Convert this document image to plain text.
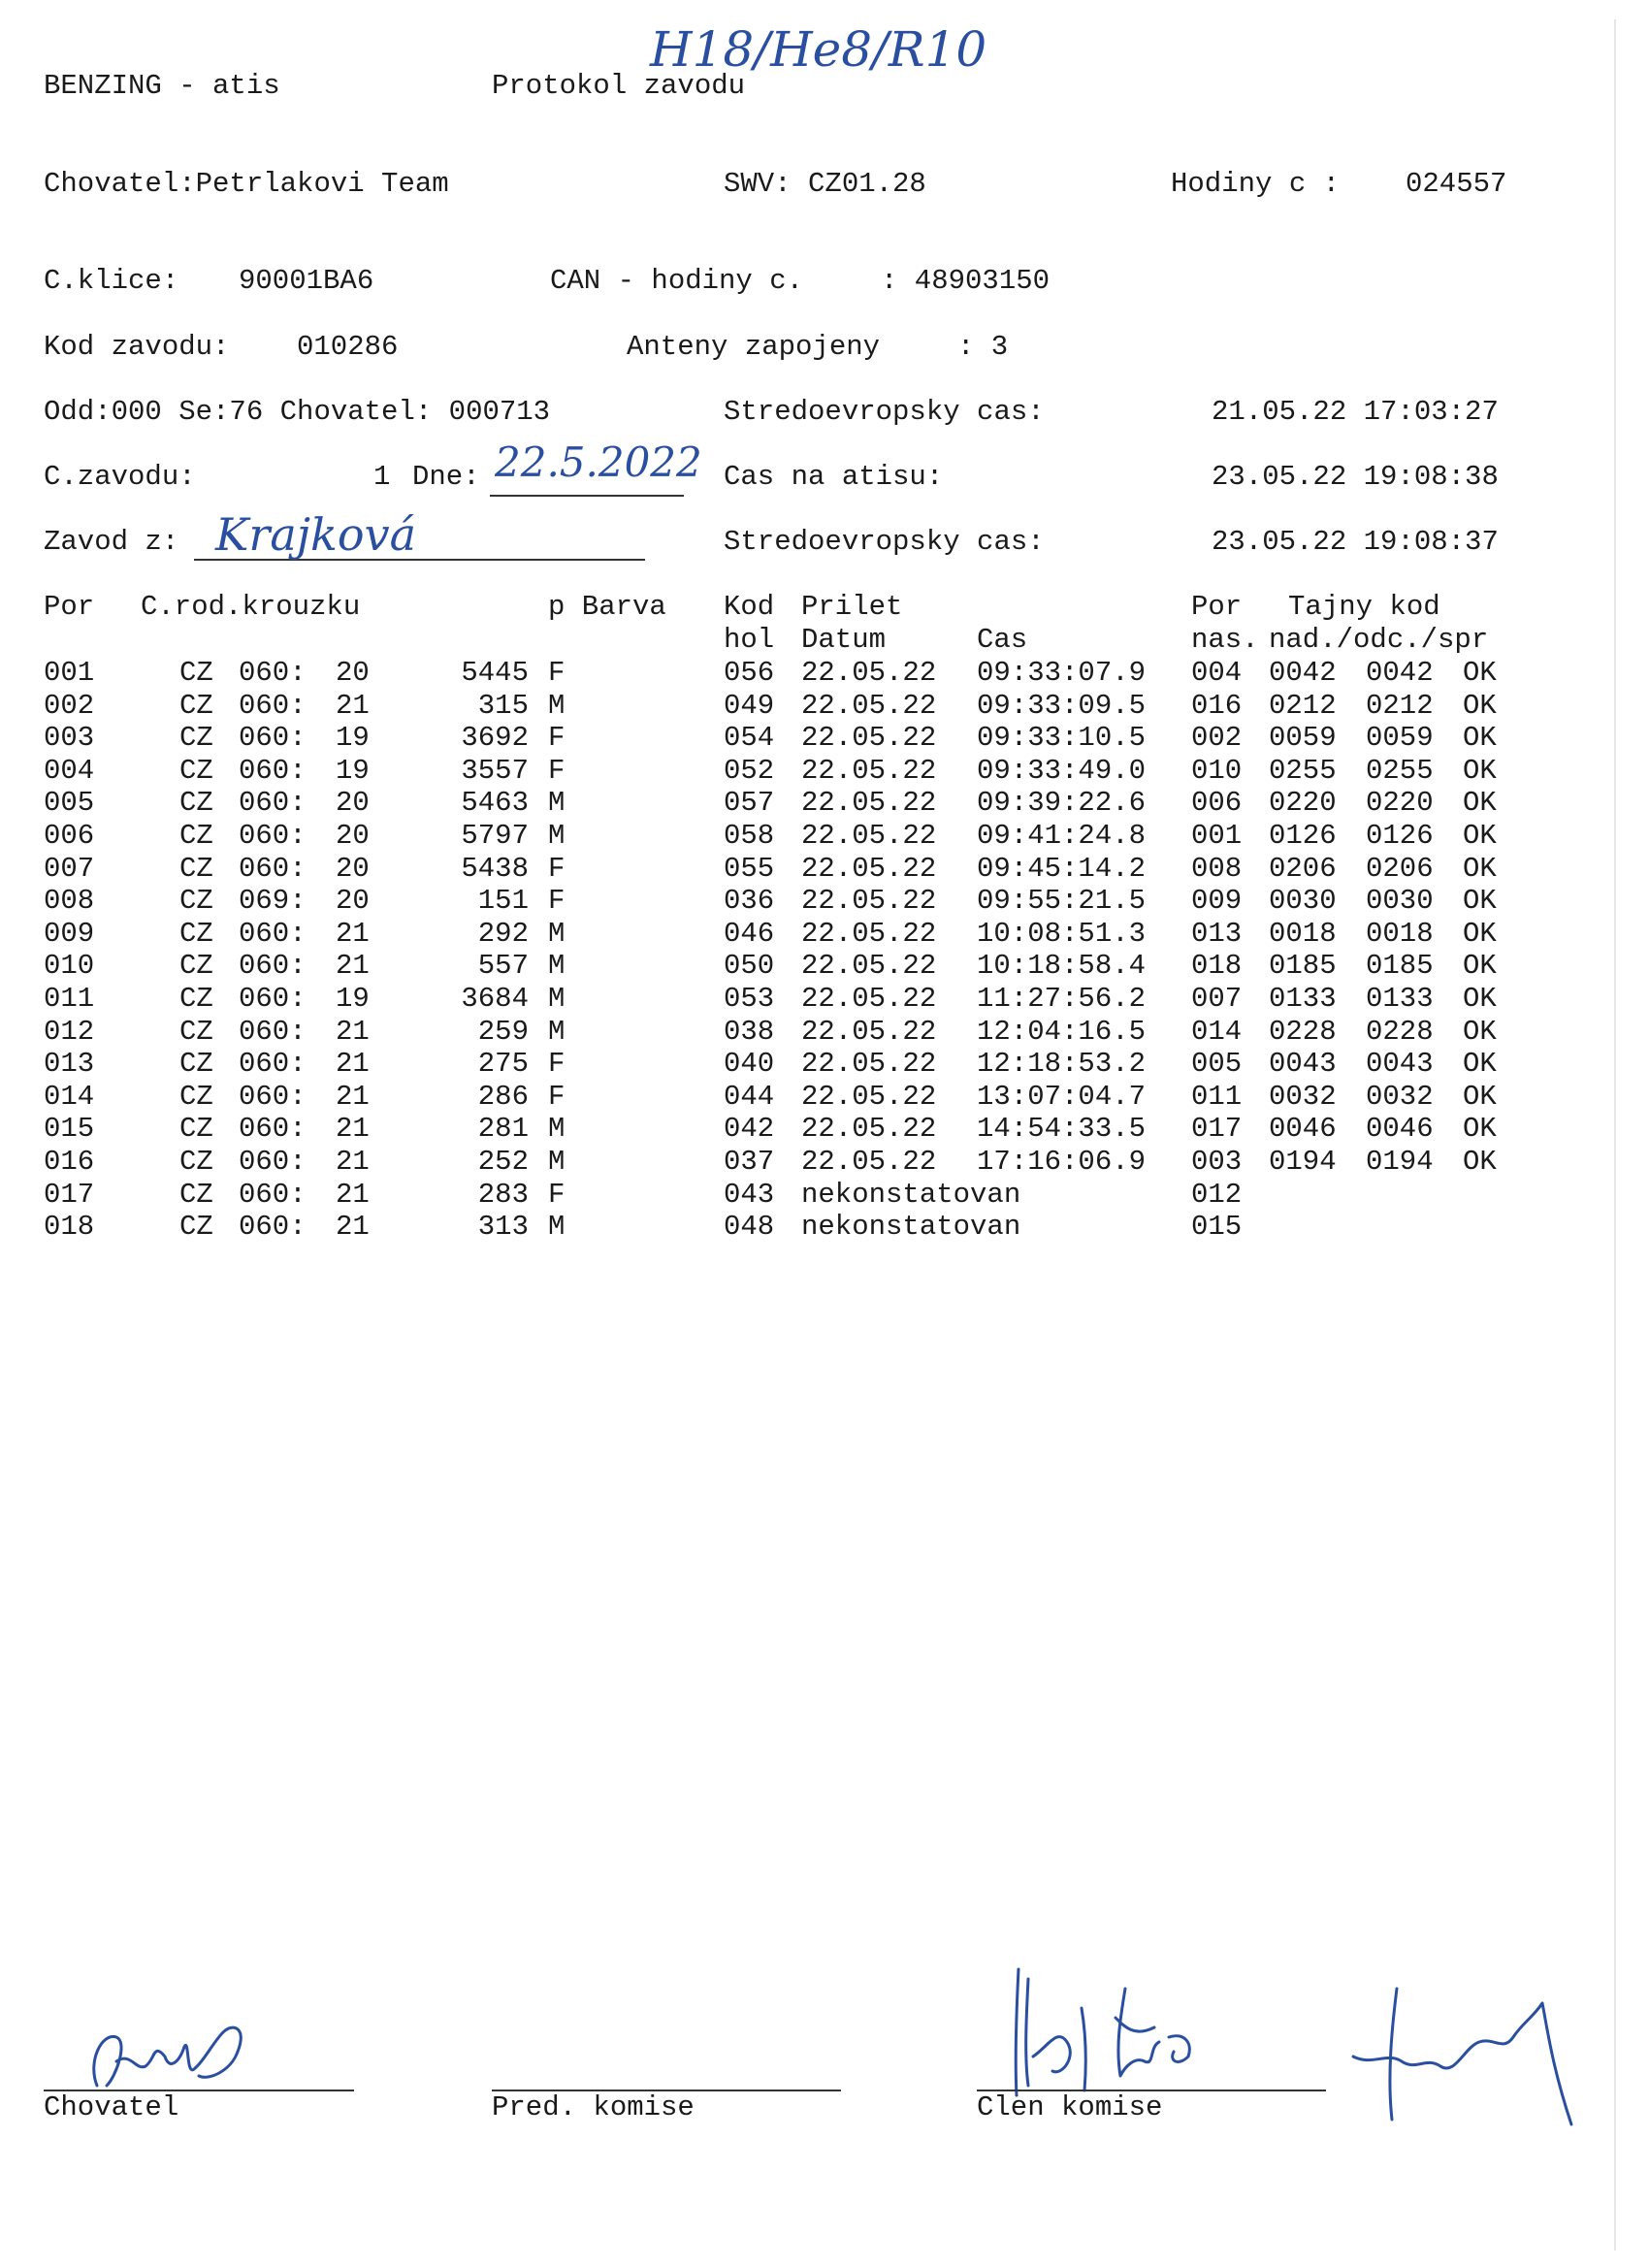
H18/He8/R10
BENZING - atis	Protokol zavodu
Chovatel:Petrlakovi Team	SWV: CZ01.28	Hodiny c : 024557
C.klice: 90001BA6	CAN - hodiny c.	: 48903150
Kod zavodu: 010286	Anteny zapojeny	: 3
Odd:000 Se:76 Chovatel: 000713	Stredoevropsky cas:	21.05.22 17:03:27
C.zavodu:	1 Dne: 22.5.2022 Cas na atisu:	23.05.22 19:08:38
Zavod z: Krajková	Stredoevropsky cas:	23.05.22 19:08:37
Por C.rod.krouzku	p Barva Kod Prilet	Por Tajny kod
hol Datum	Cas	nas. nad./odc./spr
001	CZ 060: 20	5445 F	056 22.05.22 09:33:07.9 004 0042 0042 OK
002	CZ 060: 21	315 M	049 22.05.22 09:33:09.5 016 0212 0212 OK
003	CZ 060: 19	3692 F	054 22.05.22 09:33:10.5 002 0059 0059 OK
004	CZ 060: 19	3557 F	052 22.05.22 09:33:49.0 010 0255 0255 OK
005	CZ 060: 20	5463 M	057 22.05.22 09:39:22.6 006 0220 0220 OK
006	CZ 060: 20	5797 M	058 22.05.22 09:41:24.8 001 0126 0126 OK
007	CZ 060: 20	5438 F	055 22.05.22 09:45:14.2 008 0206 0206 OK
008	CZ 069: 20	151 F	036 22.05.22 09:55:21.5 009 0030 0030 OK
009	CZ 060: 21	292 M	046 22.05.22 10:08:51.3 013 0018 0018 OK
010	CZ 060: 21	557 M	050 22.05.22 10:18:58.4 018 0185 0185 OK
011	CZ 060: 19	3684 M	053 22.05.22 11:27:56.2 007 0133 0133 OK
012	CZ 060: 21	259 M	038 22.05.22 12:04:16.5 014 0228 0228 OK
013	CZ 060: 21	275 F	040 22.05.22 12:18:53.2 005 0043 0043 OK
014	CZ 060: 21	286 F	044 22.05.22 13:07:04.7 011 0032 0032 OK
015	CZ 060: 21	281 M	042 22.05.22 14:54:33.5 017 0046 0046 OK
016	CZ 060: 21	252 M	037 22.05.22 17:16:06.9 003 0194 0194 OK
017	CZ 060: 21	283 F	043 nekonstatovan	012
018	CZ 060: 21	313 M	048 nekonstatovan	015
Chovatel	Pred. komise	Clen komise
